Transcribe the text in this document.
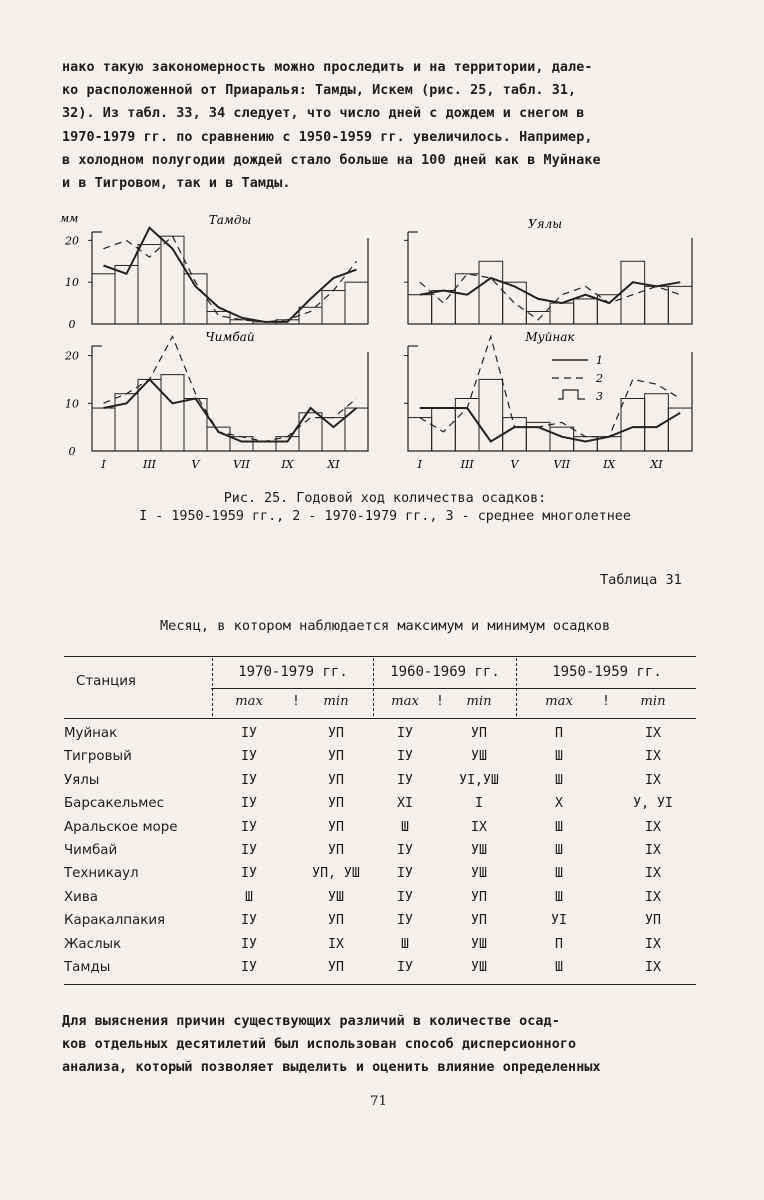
нако такую закономерность можно проследить и на территории, дале-

ко расположенной от Приаралья: Тамды, Искем (рис. 25, табл. 31,

32). Из табл. 33, 34 следует, что число дней с дождем и снегом в

1970-1979 гг. по сравнению с 1950-1959 гг. увеличилось. Например,

в холодном полугодии дождей стало больше на 100 дней как в Муйнаке

и в Тигровом, так и в Тамды.

мм	Тамды
0
10
20
Уялы
Чимбай
0
10
20
I	III	V	VII	IX	XI
Муйнак
I	III	V	VII	IX	XI
1
2
3
Рис. 25. Годовой ход количества осадков:
I - 1950-1959 гг., 2 - 1970-1979 гг., 3 - среднее многолетнее
Таблица 31
Месяц, в котором наблюдается максимум и минимум осадков
Станция
1970-1979 гг.	1960-1969 гг.	1950-1959 гг.
max	!	min	max	!	min	max	!	min
Муйнак	IУ	УП	IУ	УП	П	IX
Тигровый	IУ	УП	IУ	УШ	Ш	IX
Уялы	IУ	УП	IУ	УI,УШ	Ш	IX
Барсакельмес	IУ	УП	XI	I	X	У, УI
Аральское море	IУ	УП	Ш	IX	Ш	IX
Чимбай	IУ	УП	IУ	УШ	Ш	IX
Техникаул	IУ	УП, УШ	IУ	УШ	Ш	IX
Хива	Ш	УШ	IУ	УП	Ш	IX
Каракалпакия	IУ	УП	IУ	УП	УI	УП
Жаслык	IУ	IX	Ш	УШ	П	IX
Тамды	IУ	УП	IУ	УШ	Ш	IX

Для выяснения причин существующих различий в количестве осад-

ков отдельных десятилетий был использован способ дисперсионного

анализа, который позволяет выделить и оценить влияние определенных

71
